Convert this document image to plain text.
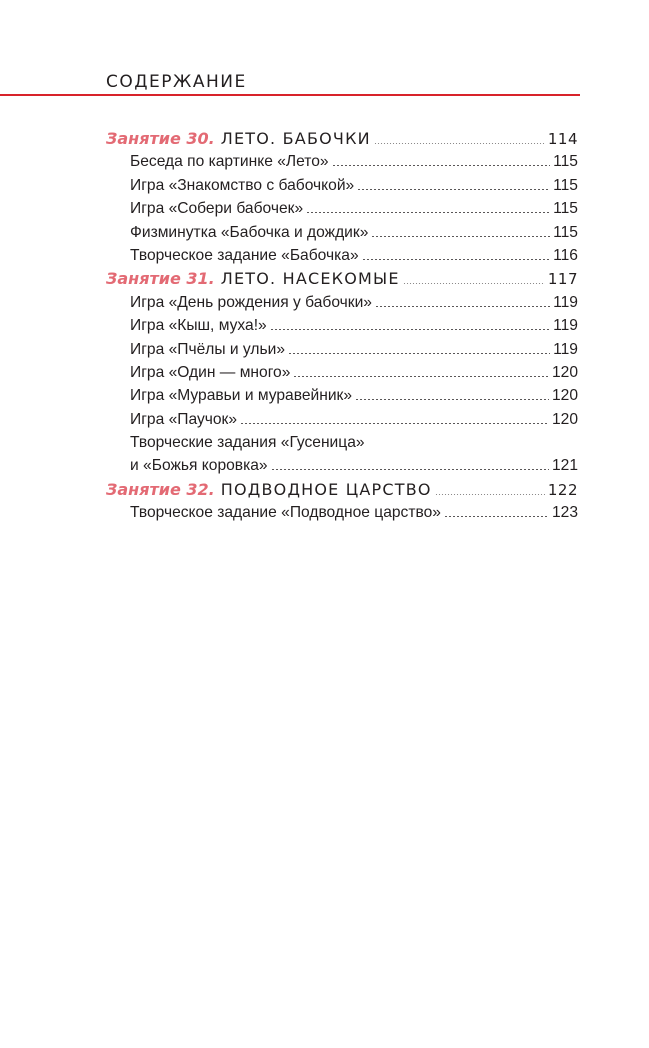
СОДЕРЖАНИЕ
Занятие 30. ЛЕТО. БАБОЧКИ	114
Беседа по картинке «Лето»	115
Игра «Знакомство с бабочкой»	115
Игра «Собери бабочек»	115
Физминутка «Бабочка и дождик»	115
Творческое задание «Бабочка»	116
Занятие 31. ЛЕТО. НАСЕКОМЫЕ	117
Игра «День рождения у бабочки»	119
Игра «Кыш, муха!»	119
Игра «Пчёлы и ульи»	119
Игра «Один — много»	120
Игра «Муравьи и муравейник»	120
Игра «Паучок»	120
Творческие задания «Гусеница»
и «Божья коровка»	121
Занятие 32. ПОДВОДНОЕ ЦАРСТВО	122
Творческое задание «Подводное царство»	123
